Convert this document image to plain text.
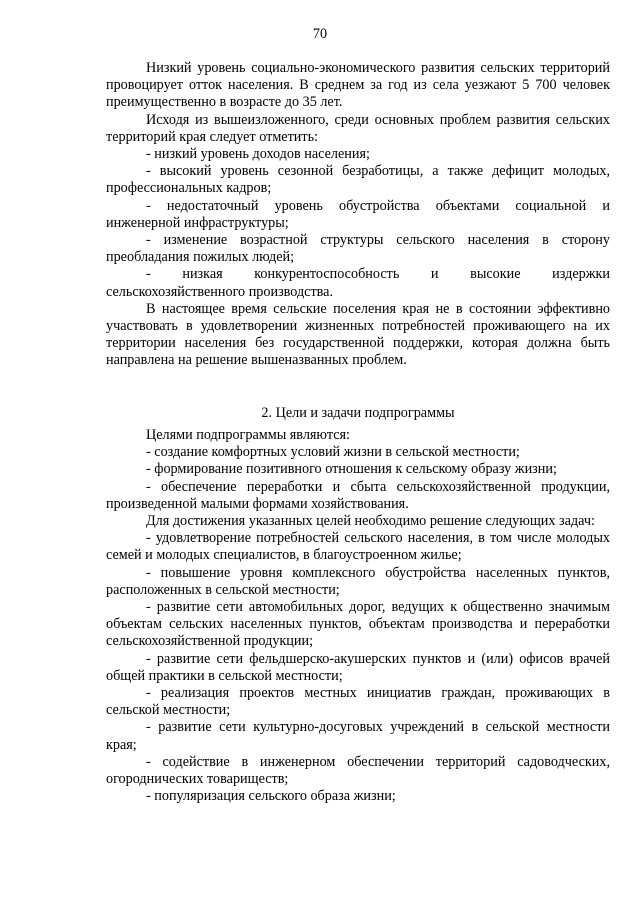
70

Низкий уровень социально-экономического развития сельских территорий провоцирует отток населения. В среднем за год из села уезжают 5 700 человек преимущественно в возрасте до 35 лет.

Исходя из вышеизложенного, среди основных проблем развития сельских территорий края следует отметить:

- низкий уровень доходов населения;

- высокий уровень сезонной безработицы, а также дефицит молодых, профессиональных кадров;

- недостаточный уровень обустройства объектами социальной и инженерной инфраструктуры;

- изменение возрастной структуры сельского населения в сторону преобладания пожилых людей;

- низкая конкурентоспособность и высокие издержки сельскохозяйственного производства.

В настоящее время сельские поселения края не в состоянии эффективно участвовать в удовлетворении жизненных потребностей проживающего на их территории населения без государственной поддержки, которая должна быть направлена на решение вышеназванных проблем.

2. Цели и задачи подпрограммы

Целями подпрограммы являются:

- создание комфортных условий жизни в сельской местности;

- формирование позитивного отношения к сельскому образу жизни;

- обеспечение переработки и сбыта сельскохозяйственной продукции, произведенной малыми формами хозяйствования.

Для достижения указанных целей необходимо решение следующих задач:

- удовлетворение потребностей сельского населения, в том числе молодых семей и молодых специалистов, в благоустроенном жилье;

- повышение уровня комплексного обустройства населенных пунктов, расположенных в сельской местности;

- развитие сети автомобильных дорог, ведущих к общественно значимым объектам сельских населенных пунктов, объектам производства и переработки сельскохозяйственной продукции;

- развитие сети фельдшерско-акушерских пунктов и (или) офисов врачей общей практики в сельской местности;

- реализация проектов местных инициатив граждан, проживающих в сельской местности;

- развитие сети культурно-досуговых учреждений в сельской местности края;

- содействие в инженерном обеспечении территорий садоводческих, огороднических товариществ;

- популяризация сельского образа жизни;
